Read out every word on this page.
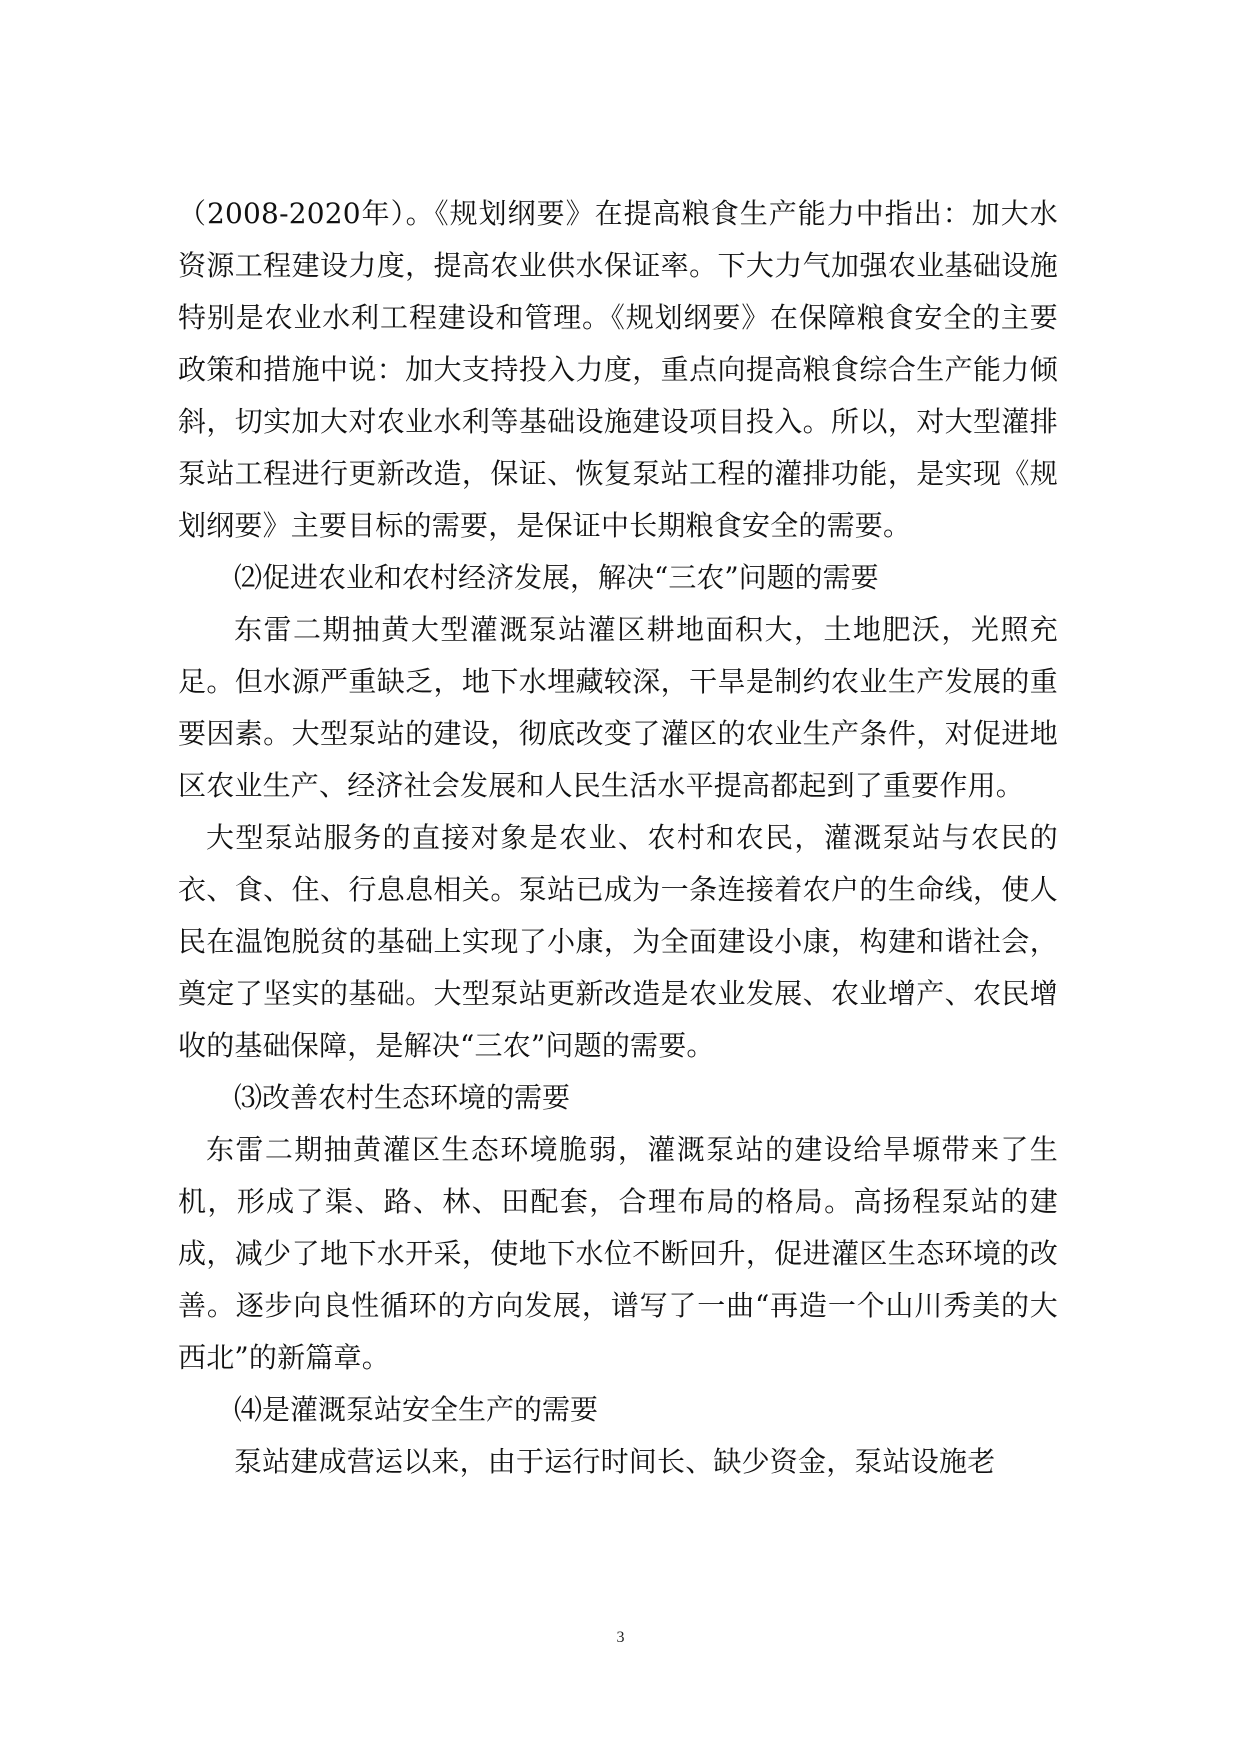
（2008-2020年）。《规划纲要》在提高粮食生产能力中指出：加大水资源工程建设力度，提高农业供水保证率。下大力气加强农业基础设施特别是农业水利工程建设和管理。《规划纲要》在保障粮食安全的主要政策和措施中说：加大支持投入力度，重点向提高粮食综合生产能力倾斜，切实加大对农业水利等基础设施建设项目投入。所以，对大型灌排泵站工程进行更新改造，保证、恢复泵站工程的灌排功能，是实现《规划纲要》主要目标的需要，是保证中长期粮食安全的需要。

⑵促进农业和农村经济发展，解决“三农”问题的需要

东雷二期抽黄大型灌溉泵站灌区耕地面积大，土地肥沃，光照充足。但水源严重缺乏，地下水埋藏较深，干旱是制约农业生产发展的重要因素。大型泵站的建设，彻底改变了灌区的农业生产条件，对促进地区农业生产、经济社会发展和人民生活水平提高都起到了重要作用。

大型泵站服务的直接对象是农业、农村和农民，灌溉泵站与农民的衣、食、住、行息息相关。泵站已成为一条连接着农户的生命线，使人民在温饱脱贫的基础上实现了小康，为全面建设小康，构建和谐社会，奠定了坚实的基础。大型泵站更新改造是农业发展、农业增产、农民增收的基础保障，是解决“三农”问题的需要。

⑶改善农村生态环境的需要

东雷二期抽黄灌区生态环境脆弱，灌溉泵站的建设给旱塬带来了生机，形成了渠、路、林、田配套，合理布局的格局。高扬程泵站的建成，减少了地下水开采，使地下水位不断回升，促进灌区生态环境的改善。逐步向良性循环的方向发展，谱写了一曲“再造一个山川秀美的大西北”的新篇章。

⑷是灌溉泵站安全生产的需要

泵站建成营运以来，由于运行时间长、缺少资金，泵站设施老

3
